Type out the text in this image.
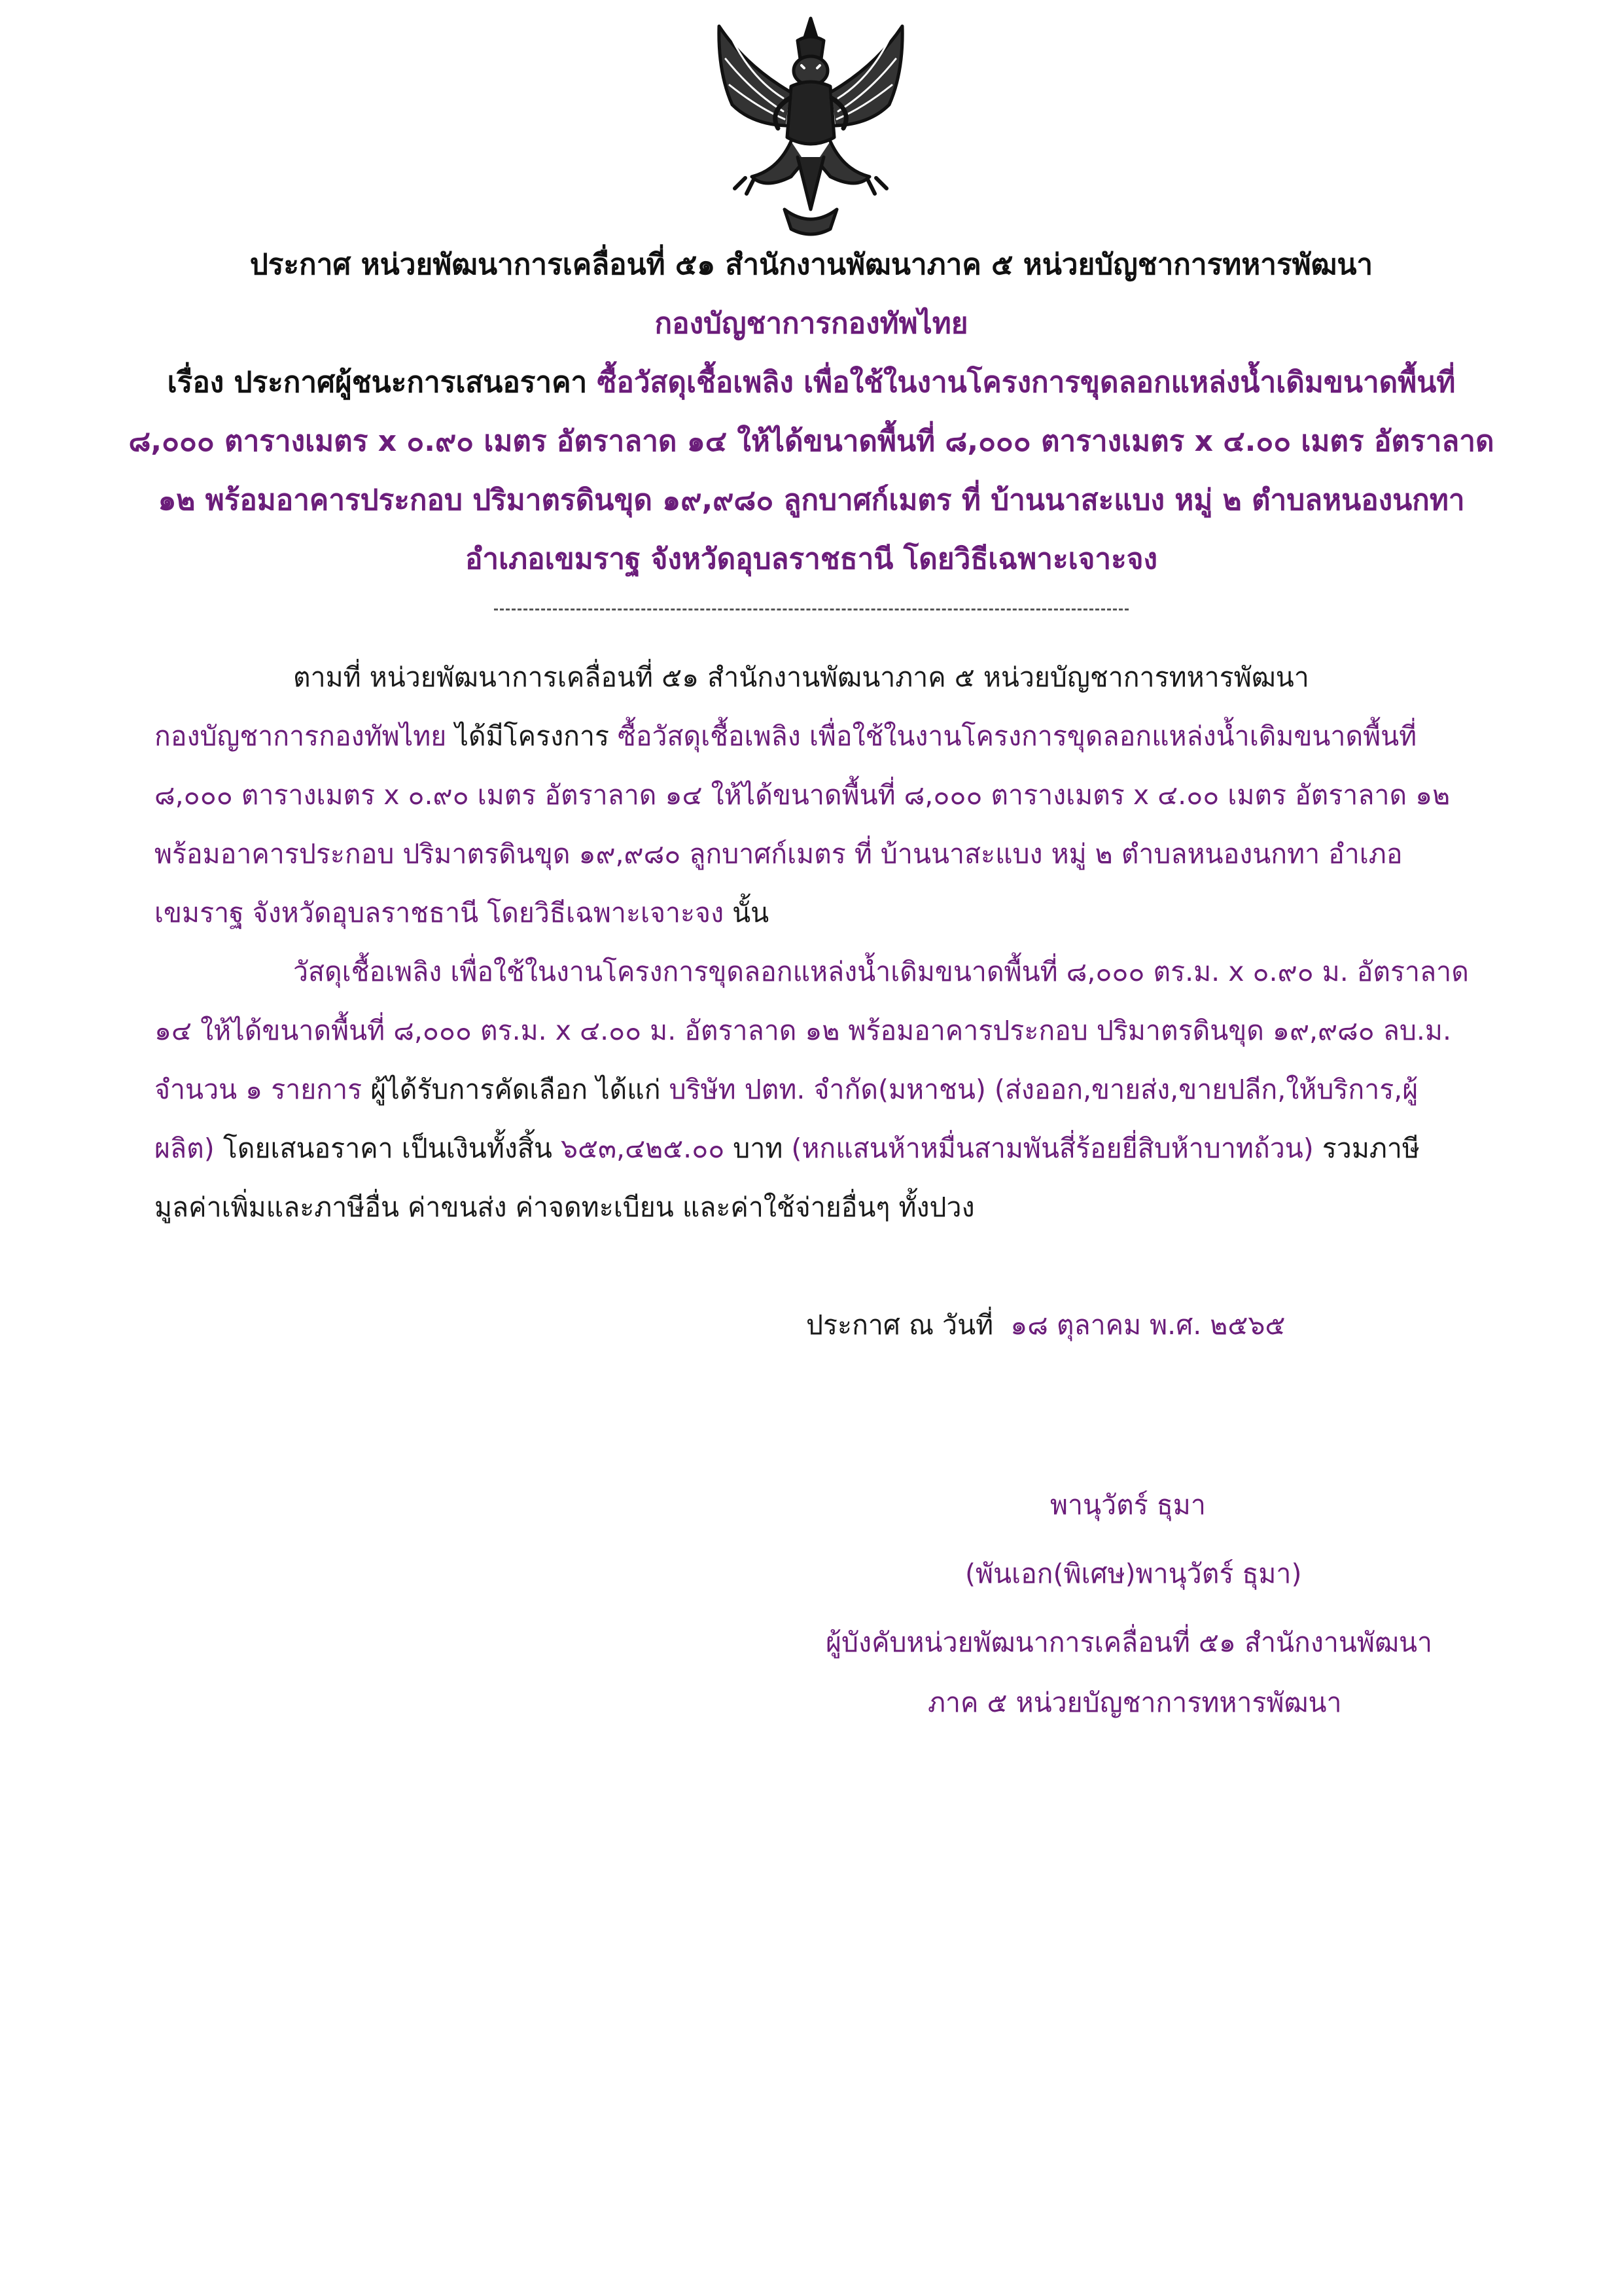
ประกาศ หน่วยพัฒนาการเคลื่อนที่ ๕๑ สำนักงานพัฒนาภาค ๕ หน่วยบัญชาการทหารพัฒนา
กองบัญชาการกองทัพไทย
เรื่อง ประกาศผู้ชนะการเสนอราคา ซื้อวัสดุเชื้อเพลิง เพื่อใช้ในงานโครงการขุดลอกแหล่งน้ำเดิมขนาดพื้นที่
๘,๐๐๐ ตารางเมตร x ๐.๙๐ เมตร อัตราลาด ๑๔ ให้ได้ขนาดพื้นที่ ๘,๐๐๐ ตารางเมตร x ๔.๐๐ เมตร อัตราลาด
๑๒ พร้อมอาคารประกอบ ปริมาตรดินขุด ๑๙,๙๘๐ ลูกบาศก์เมตร ที่ บ้านนาสะแบง หมู่ ๒ ตำบลหนองนกทา
อำเภอเขมราฐ จังหวัดอุบลราชธานี โดยวิธีเฉพาะเจาะจง
ตามที่ หน่วยพัฒนาการเคลื่อนที่ ๕๑ สำนักงานพัฒนาภาค ๕ หน่วยบัญชาการทหารพัฒนา
กองบัญชาการกองทัพไทย ได้มีโครงการ ซื้อวัสดุเชื้อเพลิง เพื่อใช้ในงานโครงการขุดลอกแหล่งน้ำเดิมขนาดพื้นที่
๘,๐๐๐ ตารางเมตร x ๐.๙๐ เมตร อัตราลาด ๑๔ ให้ได้ขนาดพื้นที่ ๘,๐๐๐ ตารางเมตร x ๔.๐๐ เมตร อัตราลาด ๑๒
พร้อมอาคารประกอบ ปริมาตรดินขุด ๑๙,๙๘๐ ลูกบาศก์เมตร ที่ บ้านนาสะแบง หมู่ ๒ ตำบลหนองนกทา อำเภอ
เขมราฐ จังหวัดอุบลราชธานี โดยวิธีเฉพาะเจาะจง นั้น
วัสดุเชื้อเพลิง เพื่อใช้ในงานโครงการขุดลอกแหล่งน้ำเดิมขนาดพื้นที่ ๘,๐๐๐ ตร.ม. x ๐.๙๐ ม. อัตราลาด
๑๔ ให้ได้ขนาดพื้นที่ ๘,๐๐๐ ตร.ม. x ๔.๐๐ ม. อัตราลาด ๑๒ พร้อมอาคารประกอบ ปริมาตรดินขุด ๑๙,๙๘๐ ลบ.ม.
จำนวน ๑ รายการ ผู้ได้รับการคัดเลือก ได้แก่ บริษัท ปตท. จำกัด(มหาชน) (ส่งออก,ขายส่ง,ขายปลีก,ให้บริการ,ผู้
ผลิต) โดยเสนอราคา เป็นเงินทั้งสิ้น ๖๕๓,๔๒๕.๐๐ บาท (หกแสนห้าหมื่นสามพันสี่ร้อยยี่สิบห้าบาทถ้วน) รวมภาษี
มูลค่าเพิ่มและภาษีอื่น ค่าขนส่ง ค่าจดทะเบียน และค่าใช้จ่ายอื่นๆ ทั้งปวง
ประกาศ ณ วันที่ ๑๘ ตุลาคม พ.ศ. ๒๕๖๕
พานุวัตร์ ธุมา
(พันเอก(พิเศษ)พานุวัตร์ ธุมา)
ผู้บังคับหน่วยพัฒนาการเคลื่อนที่ ๕๑ สำนักงานพัฒนา
ภาค ๕ หน่วยบัญชาการทหารพัฒนา
